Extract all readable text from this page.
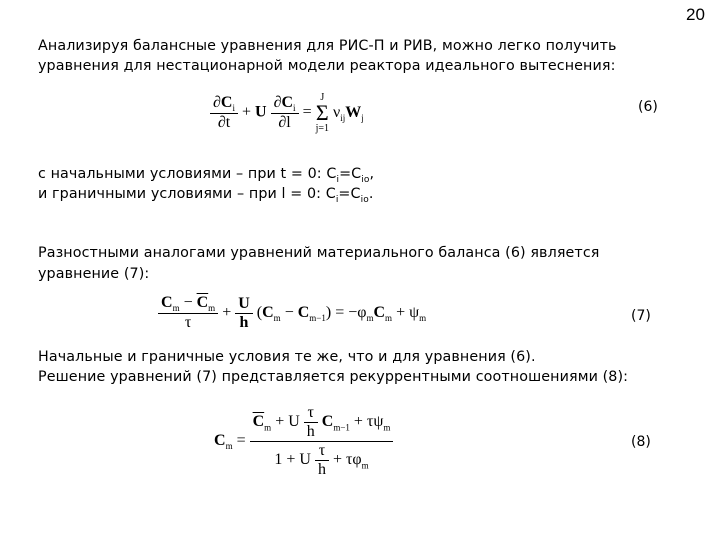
20
Анализируя балансные уравнения для РИС-П и РИВ, можно легко получить
уравнения для нестационарной модели реактора идеального вытеснения:
$\frac{\partial C_i}{\partial t} + U \frac{\partial C_i}{\partial l} = J$
Σ
j=1 $\nu_{ij}W_j$
(6)
с начальными условиями – при t = 0: $C_i=C_{io}$,
и граничными условиями – при l = 0: $C_i=C_{io}$.
Разностными аналогами уравнений материального баланса (6) является
уравнение (7):
$\frac{C_m - \overline{C}_m}{\tau} + \frac{U}{h} (C_m - C_{m-1}) = -\varphi_mC_m + \psi_m$	(7)
Начальные и граничные условия те же, что и для уравнения (6).
Решение уравнений (7) представляется рекуррентными соотношениями (8):
$C_m = \frac{\overline{C}_m + U \frac{\tau}{h} C_{m-1} + \tau\psi_m}{1 + U \frac{\tau}{h} + \tau\varphi_m}$	(8)
